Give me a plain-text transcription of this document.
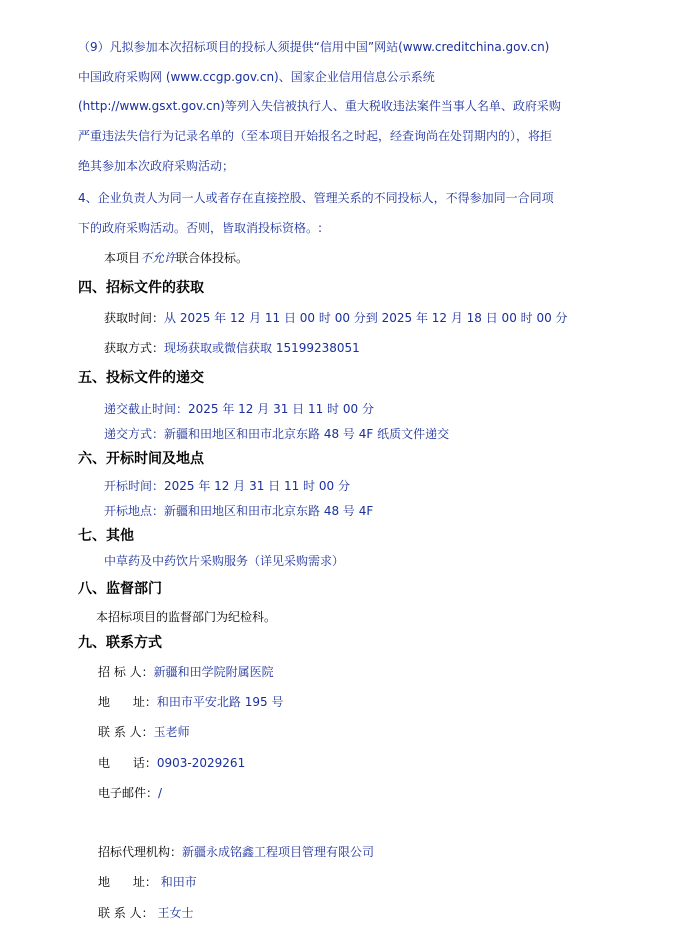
（9）凡拟参加本次招标项目的投标人须提供“信用中国”网站(www.creditchina.gov.cn)
中国政府采购网 (www.ccgp.gov.cn)、国家企业信用信息公示系统
(http://www.gsxt.gov.cn)等列入失信被执行人、重大税收违法案件当事人名单、政府采购
严重违法失信行为记录名单的（至本项目开始报名之时起，经查询尚在处罚期内的），将拒
绝其参加本次政府采购活动；
4、企业负责人为同一人或者存在直接控股、管理关系的不同投标人，不得参加同一合同项
下的政府采购活动。否则，皆取消投标资格。:
本项目不允许联合体投标。
四、招标文件的获取
获取时间：从 2025 年 12 月 11 日 00 时 00 分到 2025 年 12 月 18 日 00 时 00 分
获取方式：现场获取或微信获取 15199238051
五、投标文件的递交
递交截止时间：2025 年 12 月 31 日 11 时 00 分
递交方式：新疆和田地区和田市北京东路 48 号 4F 纸质文件递交
六、开标时间及地点
开标时间：2025 年 12 月 31 日 11 时 00 分
开标地点：新疆和田地区和田市北京东路 48 号 4F
七、其他
中草药及中药饮片采购服务（详见采购需求）
八、监督部门
本招标项目的监督部门为纪检科。
九、联系方式
招 标 人：新疆和田学院附属医院
地      址：和田市平安北路 195 号
联 系 人：玉老师
电      话：0903-2029261
电子邮件：/
招标代理机构：新疆永成铭鑫工程项目管理有限公司
地      址： 和田市
联 系 人： 王女士
